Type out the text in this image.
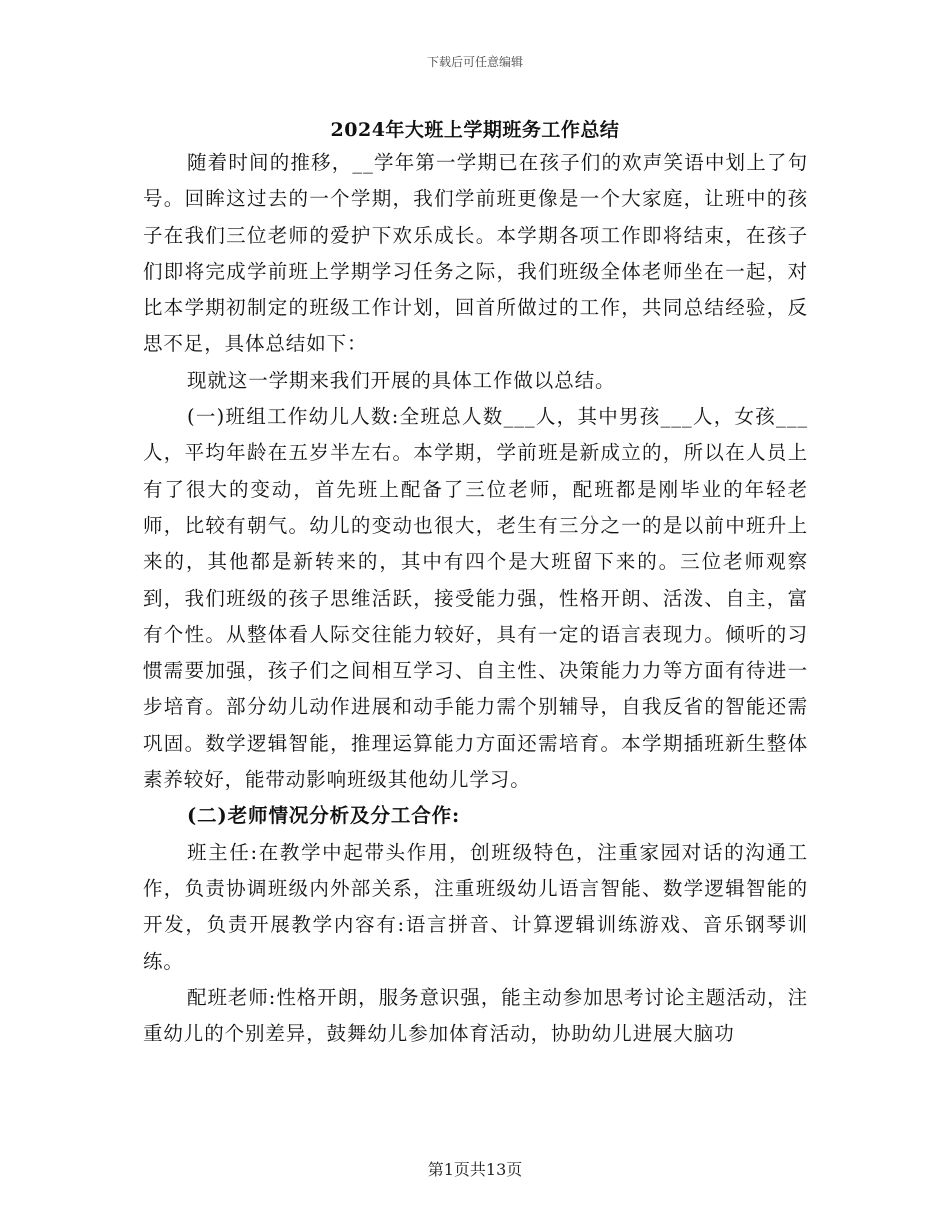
下载后可任意编辑
2024年大班上学期班务工作总结

随着时间的推移，__学年第一学期已在孩子们的欢声笑语中划上了句号。回眸这过去的一个学期，我们学前班更像是一个大家庭，让班中的孩子在我们三位老师的爱护下欢乐成长。本学期各项工作即将结束，在孩子们即将完成学前班上学期学习任务之际，我们班级全体老师坐在一起，对比本学期初制定的班级工作计划，回首所做过的工作，共同总结经验，反思不足，具体总结如下：

现就这一学期来我们开展的具体工作做以总结。

(一)班组工作幼儿人数:全班总人数___人，其中男孩___人，女孩___人，平均年龄在五岁半左右。本学期，学前班是新成立的，所以在人员上有了很大的变动，首先班上配备了三位老师，配班都是刚毕业的年轻老师，比较有朝气。幼儿的变动也很大，老生有三分之一的是以前中班升上来的，其他都是新转来的，其中有四个是大班留下来的。三位老师观察到，我们班级的孩子思维活跃，接受能力强，性格开朗、活泼、自主，富有个性。从整体看人际交往能力较好，具有一定的语言表现力。倾听的习惯需要加强，孩子们之间相互学习、自主性、决策能力力等方面有待进一步培育。部分幼儿动作进展和动手能力需个别辅导，自我反省的智能还需巩固。数学逻辑智能，推理运算能力方面还需培育。本学期插班新生整体素养较好，能带动影响班级其他幼儿学习。

(二)老师情况分析及分工合作:

班主任:在教学中起带头作用，创班级特色，注重家园对话的沟通工作，负责协调班级内外部关系，注重班级幼儿语言智能、数学逻辑智能的开发，负责开展教学内容有:语言拼音、计算逻辑训练游戏、音乐钢琴训练。

配班老师:性格开朗，服务意识强，能主动参加思考讨论主题活动，注重幼儿的个别差异，鼓舞幼儿参加体育活动，协助幼儿进展大脑功

第1页共13页
